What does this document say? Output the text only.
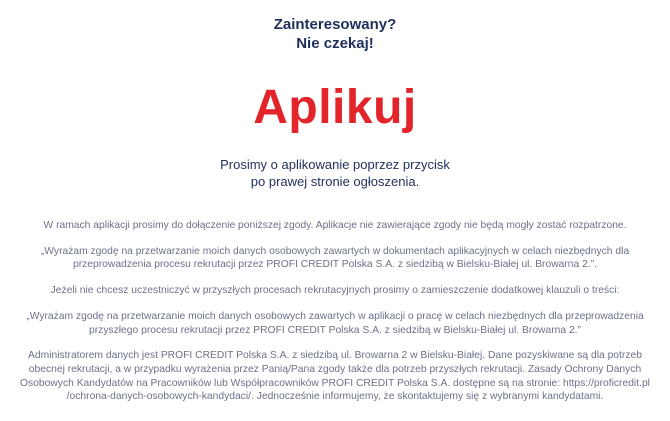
Zainteresowany?
Nie czekaj!
Aplikuj
Prosimy o aplikowanie poprzez przycisk
po prawej stronie ogłoszenia.

W ramach aplikacji prosimy do dołączenie poniższej zgody. Aplikacje nie zawierające zgody nie będą mogły zostać rozpatrzone.

„Wyrażam zgodę na przetwarzanie moich danych osobowych zawartych w dokumentach aplikacyjnych w celach niezbędnych dla przeprowadzenia procesu rekrutacji przez PROFI CREDIT Polska S.A. z siedzibą w Bielsku-Białej ul. Browarna 2.”.

Jeżeli nie chcesz uczestniczyć w przyszłych procesach rekrutacyjnych prosimy o zamieszczenie dodatkowej klauzuli o treści:

„Wyrażam zgodę na przetwarzanie moich danych osobowych zawartych w aplikacji o pracę w celach niezbędnych dla przeprowadzenia przyszłego procesu rekrutacji przez PROFI CREDIT Polska S.A. z siedzibą w Bielsku-Białej ul. Browarna 2.”

Administratorem danych jest PROFI CREDIT Polska S.A. z siedzibą ul. Browarna 2 w Bielsku-Białej. Dane pozyskiwane są dla potrzeb obecnej rekrutacji, a w przypadku wyrażenia przez Panią/Pana zgody także dla potrzeb przyszłych rekrutacji. Zasady Ochrony Danych Osobowych Kandydatów na Pracowników lub Współpracowników PROFI CREDIT Polska S.A. dostępne są na stronie: https://proficredit.pl /ochrona-danych-osobowych-kandydaci/. Jednocześnie informujemy, że skontaktujemy się z wybranymi kandydatami.
